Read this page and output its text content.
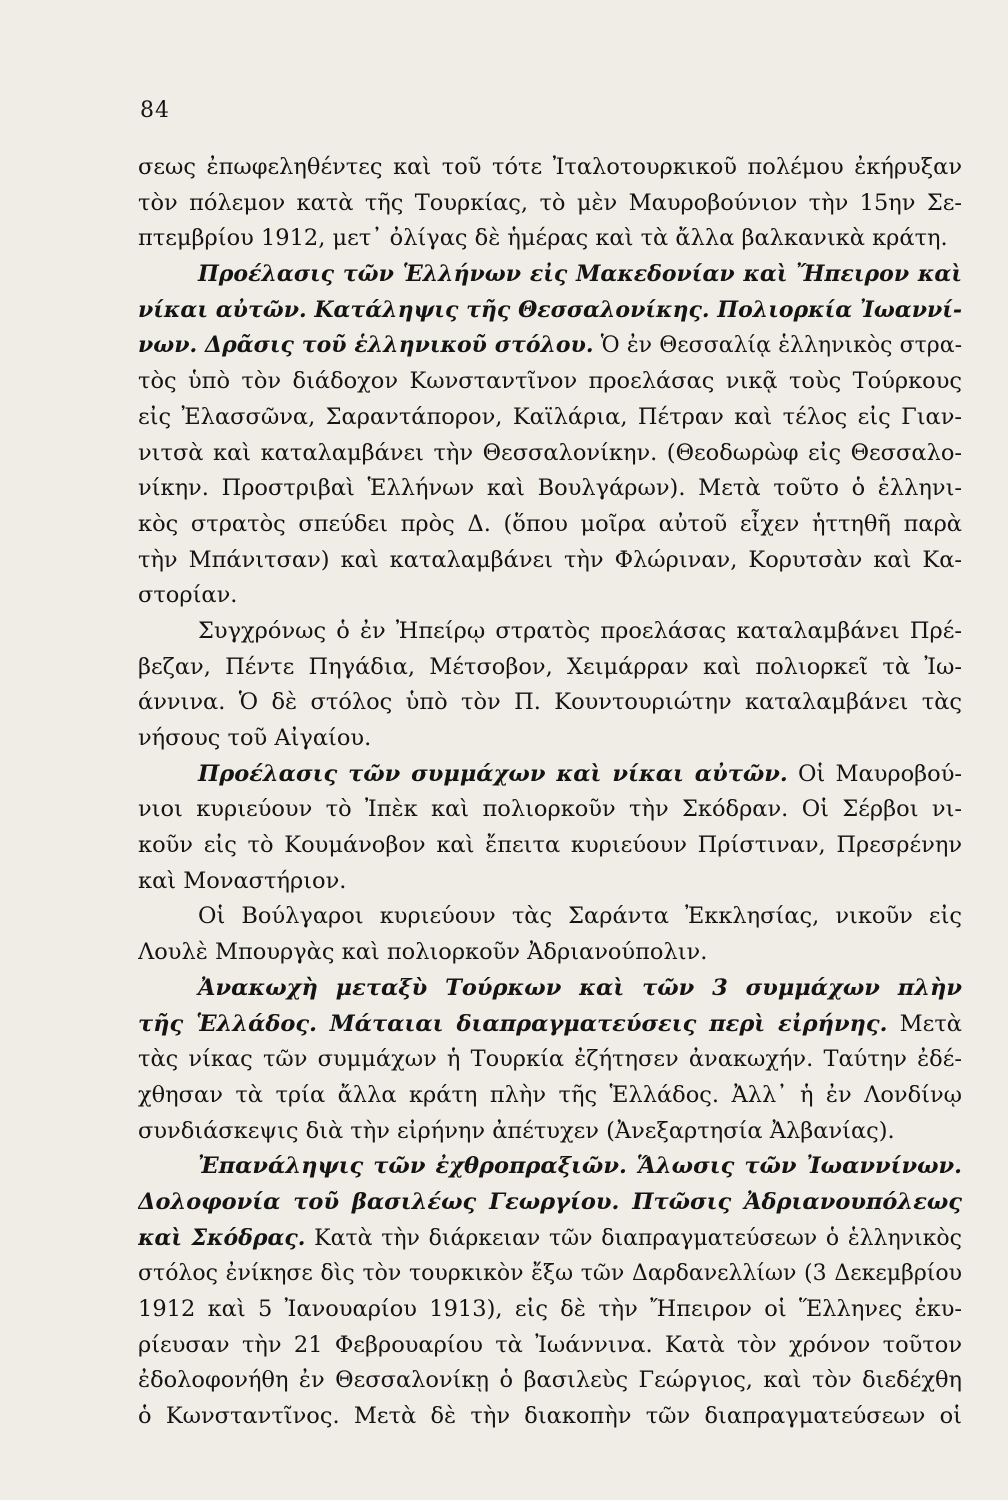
84
σεως ἐπωφεληθέντες καὶ τοῦ τότε Ἰταλοτουρκικοῦ πολέμου ἐκήρυξαν
τὸν πόλεμον κατὰ τῆς Τουρκίας, τὸ μὲν Μαυροβούνιον τὴν 15ην Σε-
πτεμβρίου 1912, μετ᾽ ὀλίγας δὲ ἡμέρας καὶ τὰ ἄλλα βαλκανικὰ κράτη.
Προέλασις τῶν Ἑλλήνων εἰς Μακεδονίαν καὶ Ἤπειρον καὶ
νίκαι αὐτῶν. Κατάληψις τῆς Θεσσαλονίκης. Πολιορκία Ἰωαννί-
νων. Δρᾶσις τοῦ ἑλληνικοῦ στόλου. Ὁ ἐν Θεσσαλίᾳ ἑλληνικὸς στρα-
τὸς ὑπὸ τὸν διάδοχον Κωνσταντῖνον προελάσας νικᾷ τοὺς Τούρκους
εἰς Ἐλασσῶνα, Σαραντάπορον, Καϊλάρια, Πέτραν καὶ τέλος εἰς Γιαν-
νιτσὰ καὶ καταλαμβάνει τὴν Θεσσαλονίκην. (Θεοδωρὼφ εἰς Θεσσαλο-
νίκην. Προστριβαὶ Ἑλλήνων καὶ Βουλγάρων). Μετὰ τοῦτο ὁ ἑλληνι-
κὸς στρατὸς σπεύδει πρὸς Δ. (ὅπου μοῖρα αὐτοῦ εἶχεν ἡττηθῆ παρὰ
τὴν Μπάνιτσαν) καὶ καταλαμβάνει τὴν Φλώριναν, Κορυτσὰν καὶ Κα-
στορίαν.
Συγχρόνως ὁ ἐν Ἠπείρῳ στρατὸς προελάσας καταλαμβάνει Πρέ-
βεζαν, Πέντε Πηγάδια, Μέτσοβον, Χειμάρραν καὶ πολιορκεῖ τὰ Ἰω-
άννινα. Ὁ δὲ στόλος ὑπὸ τὸν Π. Κουντουριώτην καταλαμβάνει τὰς
νήσους τοῦ Αἰγαίου.
Προέλασις τῶν συμμάχων καὶ νίκαι αὐτῶν. Οἱ Μαυροβού-
νιοι κυριεύουν τὸ Ἰπὲκ καὶ πολιορκοῦν τὴν Σκόδραν. Οἱ Σέρβοι νι-
κοῦν εἰς τὸ Κουμάνοβον καὶ ἔπειτα κυριεύουν Πρίστιναν, Πρεσρένην
καὶ Μοναστήριον.
Οἱ Βούλγαροι κυριεύουν τὰς Σαράντα Ἐκκλησίας, νικοῦν εἰς
Λουλὲ Μπουργὰς καὶ πολιορκοῦν Ἀδριανούπολιν.
Ἀνακωχὴ μεταξὺ Τούρκων καὶ τῶν 3 συμμάχων πλὴν
τῆς Ἑλλάδος. Μάταιαι διαπραγματεύσεις περὶ εἰρήνης. Μετὰ
τὰς νίκας τῶν συμμάχων ἡ Τουρκία ἐζήτησεν ἀνακωχήν. Ταύτην ἐδέ-
χθησαν τὰ τρία ἄλλα κράτη πλὴν τῆς Ἑλλάδος. Ἀλλ᾽ ἡ ἐν Λονδίνῳ
συνδιάσκεψις διὰ τὴν εἰρήνην ἀπέτυχεν (Ἀνεξαρτησία Ἀλβανίας).
Ἐπανάληψις τῶν ἐχθροπραξιῶν. Ἅλωσις τῶν Ἰωαννίνων.
Δολοφονία τοῦ βασιλέως Γεωργίου. Πτῶσις Ἀδριανουπόλεως
καὶ Σκόδρας. Κατὰ τὴν διάρκειαν τῶν διαπραγματεύσεων ὁ ἑλληνικὸς
στόλος ἐνίκησε δὶς τὸν τουρκικὸν ἔξω τῶν Δαρδανελλίων (3 Δεκεμβρίου
1912 καὶ 5 Ἰανουαρίου 1913), εἰς δὲ τὴν Ἤπειρον οἱ Ἕλληνες ἐκυ-
ρίευσαν τὴν 21 Φεβρουαρίου τὰ Ἰωάννινα. Κατὰ τὸν χρόνον τοῦτον
ἐδολοφονήθη ἐν Θεσσαλονίκῃ ὁ βασιλεὺς Γεώργιος, καὶ τὸν διεδέχθη
ὁ Κωνσταντῖνος. Μετὰ δὲ τὴν διακοπὴν τῶν διαπραγματεύσεων οἱ
